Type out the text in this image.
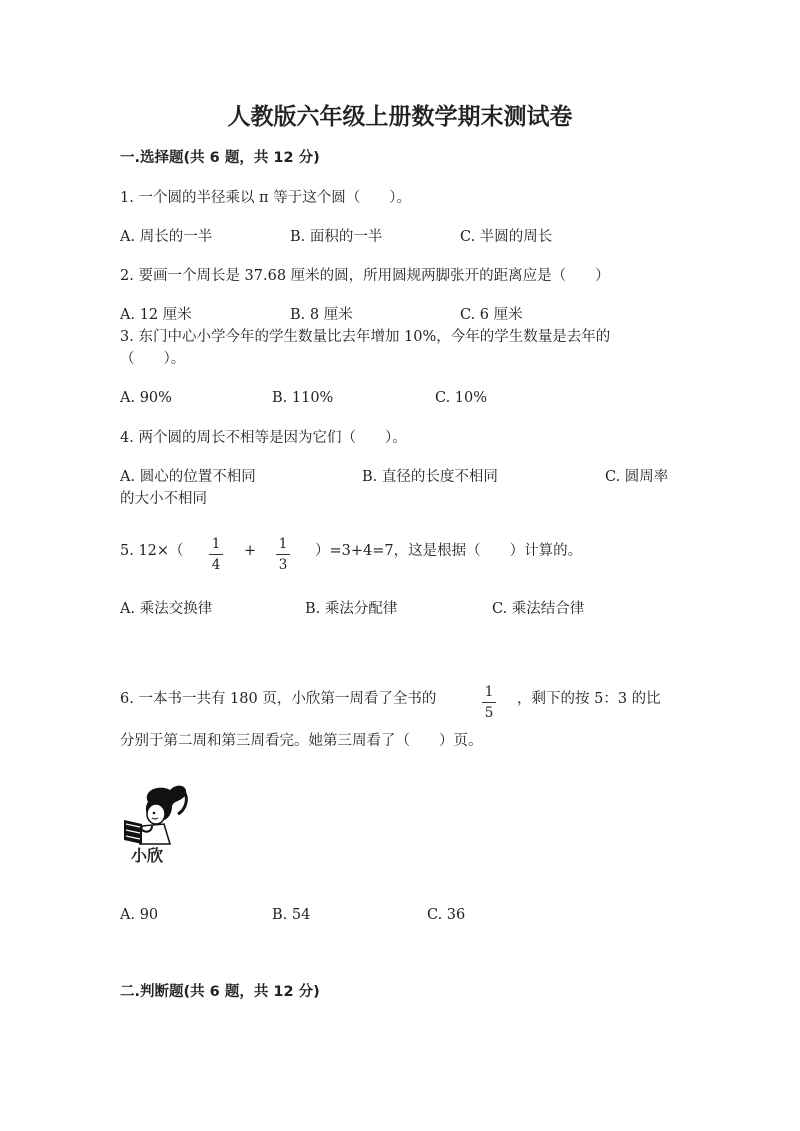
人教版六年级上册数学期末测试卷
一.选择题(共 6 题，共 12 分)
1. 一个圆的半径乘以 π 等于这个圆（　　）。
A. 周长的一半	B. 面积的一半	C. 半圆的周长
2. 要画一个周长是 37.68 厘米的圆，所用圆规两脚张开的距离应是（　　）
A. 12 厘米	B. 8 厘米	C. 6 厘米
3. 东门中心小学今年的学生数量比去年增加 10%，今年的学生数量是去年的
（　　）。
A. 90%	B. 110%	C. 10%
4. 两个圆的周长不相等是因为它们（　　）。
A. 圆心的位置不相同	B. 直径的长度不相同	C. 圆周率
的大小不相同
5. 12×（	1
4
+	1
3
）=3+4=7，这是根据（　　）计算的。
A. 乘法交换律	B. 乘法分配律	C. 乘法结合律
6. 一本书一共有 180 页，小欣第一周看了全书的	1
5
，剩下的按 5：3 的比
分别于第二周和第三周看完。她第三周看了（　　）页。
小欣
A. 90	B. 54	C. 36
二.判断题(共 6 题，共 12 分)
